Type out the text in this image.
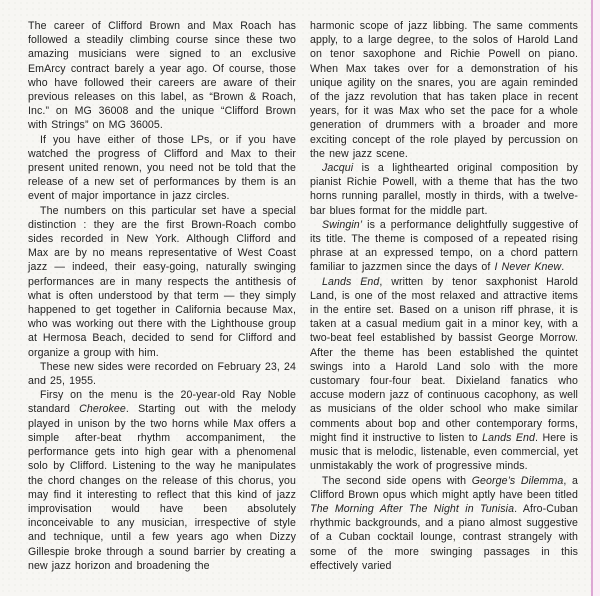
The career of Clifford Brown and Max Roach has followed a steadily climbing course since these two amazing musicians were signed to an exclusive EmArcy contract barely a year ago. Of course, those who have followed their careers are aware of their previous releases on this label, as “Brown & Roach, Inc.” on MG 36008 and the unique “Clifford Brown with Strings” on MG 36005.

If you have either of those LPs, or if you have watched the progress of Clifford and Max to their present united renown, you need not be told that the release of a new set of performances by them is an event of major importance in jazz circles.

The numbers on this particular set have a special distinction : they are the first Brown-Roach combo sides recorded in New York. Although Clifford and Max are by no means representative of West Coast jazz — indeed, their easy-going, naturally swinging performances are in many respects the antithesis of what is often understood by that term — they simply happened to get together in California because Max, who was working out there with the Lighthouse group at Hermosa Beach, decided to send for Clifford and organize a group with him.

These new sides were recorded on February 23, 24 and 25, 1955.

Firsy on the menu is the 20-year-old Ray Noble standard Cherokee. Starting out with the melody played in unison by the two horns while Max offers a simple after-beat rhythm accompaniment, the performance gets into high gear with a phenomenal solo by Clifford. Listening to the way he manipulates the chord changes on the release of this chorus, you may find it interesting to reflect that this kind of jazz improvisation would have been absolutely inconceivable to any musician, irrespective of style and technique, until a few years ago when Dizzy Gillespie broke through a sound barrier by creating a new jazz horizon and broadening the

harmonic scope of jazz libbing. The same comments apply, to a large degree, to the solos of Harold Land on tenor saxophone and Richie Powell on piano. When Max takes over for a demonstration of his unique agility on the snares, you are again reminded of the jazz revolution that has taken place in recent years, for it was Max who set the pace for a whole generation of drummers with a broader and more exciting concept of the role played by percussion on the new jazz scene.

Jacqui is a lighthearted original composition by pianist Richie Powell, with a theme that has the two horns running parallel, mostly in thirds, with a twelve-bar blues format for the middle part.

Swingin’ is a performance delightfully suggestive of its title. The theme is composed of a repeated rising phrase at an expressed tempo, on a chord pattern familiar to jazzmen since the days of I Never Knew.

Lands End, written by tenor saxphonist Harold Land, is one of the most relaxed and attractive items in the entire set. Based on a unison riff phrase, it is taken at a casual medium gait in a minor key, with a two-beat feel established by bassist George Morrow. After the theme has been established the quintet swings into a Harold Land solo with the more customary four-four beat. Dixieland fanatics who accuse modern jazz of continuous cacophony, as well as musicians of the older school who make similar comments about bop and other contemporary forms, might find it instructive to listen to Lands End. Here is music that is melodic, listenable, even commercial, yet unmistakably the work of progressive minds.

The second side opens with George’s Dilemma, a Clifford Brown opus which might aptly have been titled The Morning After The Night in Tunisia. Afro-Cuban rhythmic backgrounds, and a piano almost suggestive of a Cuban cocktail lounge, contrast strangely with some of the more swinging passages in this effectively varied
